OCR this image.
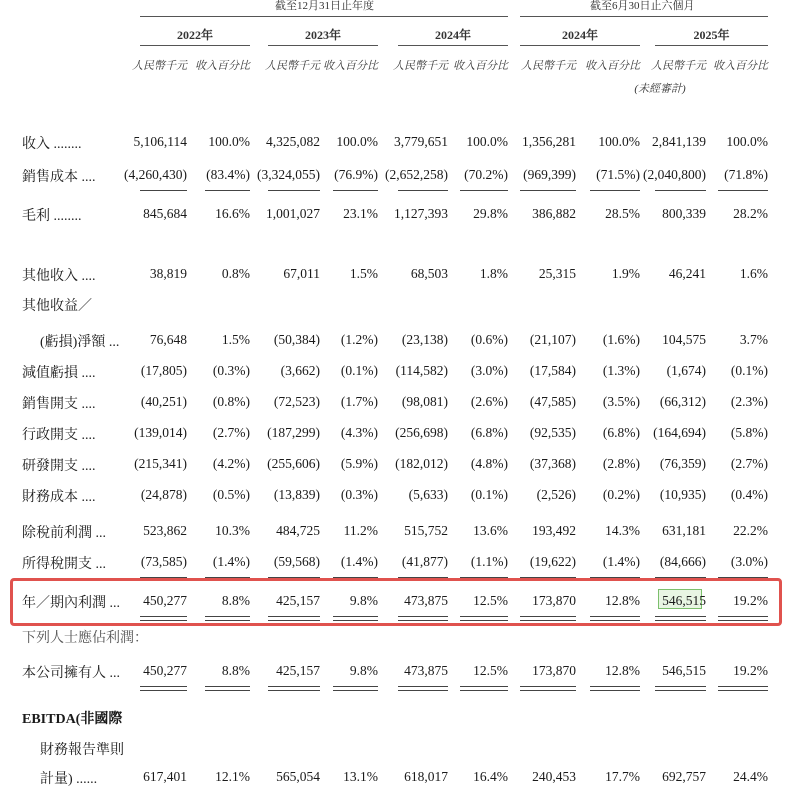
截至12月31日止年度	截至6月30日止六個月
2022年	2023年	2024年	2024年	2025年
人民幣千元 收入百分比	人民幣千元 收入百分比	人民幣千元 收入百分比	人民幣千元 收入百分比	人民幣千元 收入百分比
(未經審計)
收入 ........	5,106,114	100.0%	4,325,082	100.0%	3,779,651	100.0%	1,356,281	100.0% 2,841,139	100.0%
銷售成本 ....	(4,260,430)	(83.4%) (3,324,055)	(76.9%) (2,652,258)	(70.2%)	(969,399)	(71.5%) (2,040,800)	(71.8%)
毛利 ........	845,684	16.6%	1,001,027	23.1%	1,127,393	29.8%	386,882	28.5%	800,339	28.2%
其他收入 ....	38,819	0.8%	67,011	1.5%	68,503	1.8%	25,315	1.9%	46,241	1.6%
其他收益／
(虧損)淨額 ...	76,648	1.5%	(50,384)	(1.2%)	(23,138)	(0.6%)	(21,107)	(1.6%)	104,575	3.7%
減值虧損 ....	(17,805)	(0.3%)	(3,662)	(0.1%)	(114,582)	(3.0%)	(17,584)	(1.3%)	(1,674)	(0.1%)
銷售開支 ....	(40,251)	(0.8%)	(72,523)	(1.7%)	(98,081)	(2.6%)	(47,585)	(3.5%)	(66,312)	(2.3%)
行政開支 ....	(139,014)	(2.7%)	(187,299)	(4.3%)	(256,698)	(6.8%)	(92,535)	(6.8%) (164,694)	(5.8%)
研發開支 ....	(215,341)	(4.2%)	(255,606)	(5.9%)	(182,012)	(4.8%)	(37,368)	(2.8%)	(76,359)	(2.7%)
財務成本 ....	(24,878)	(0.5%)	(13,839)	(0.3%)	(5,633)	(0.1%)	(2,526)	(0.2%)	(10,935)	(0.4%)
除稅前利潤 ...	523,862	10.3%	484,725	11.2%	515,752	13.6%	193,492	14.3%	631,181	22.2%
所得稅開支 ...	(73,585)	(1.4%)	(59,568)	(1.4%)	(41,877)	(1.1%)	(19,622)	(1.4%)	(84,666)	(3.0%)
年／期內利潤 ...	450,277	8.8%	425,157	9.8%	473,875	12.5%	173,870	12.8%	546,515	19.2%
下列人士應佔利潤：
本公司擁有人 ...	450,277	8.8%	425,157	9.8%	473,875	12.5%	173,870	12.8%	546,515	19.2%
EBITDA(非國際
財務報告準則
計量) ......	617,401	12.1%	565,054	13.1%	618,017	16.4%	240,453	17.7%	692,757	24.4%
